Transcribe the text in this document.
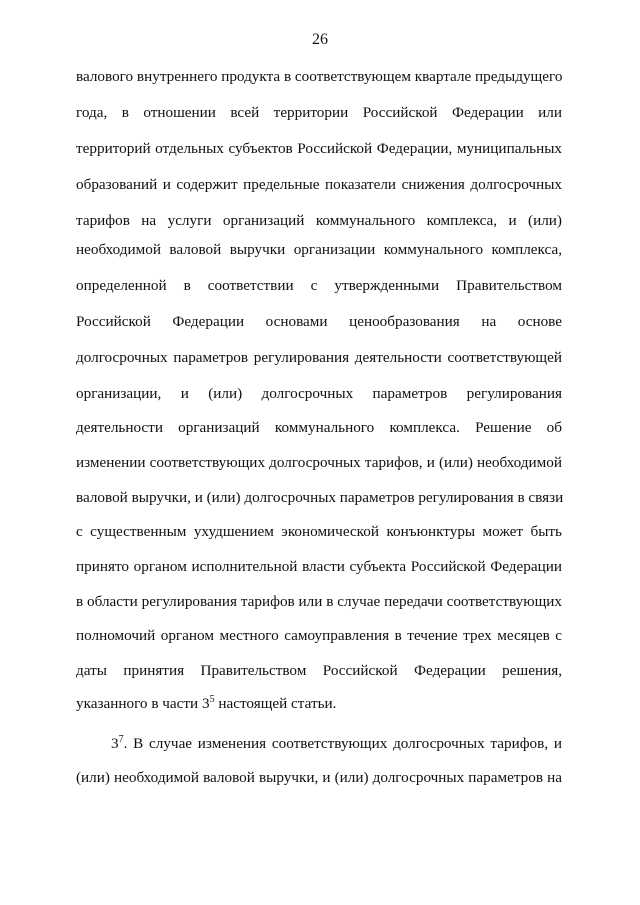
26
валового внутреннего продукта в соответствующем квартале предыдущего
года, в отношении всей территории Российской Федерации или
территорий отдельных субъектов Российской Федерации, муниципальных
образований и содержит предельные показатели снижения долгосрочных
тарифов на услуги организаций коммунального комплекса, и (или)
необходимой валовой выручки организации коммунального комплекса,
определенной в соответствии с утвержденными Правительством
Российской Федерации основами ценообразования на основе
долгосрочных параметров регулирования деятельности соответствующей
организации, и (или) долгосрочных параметров регулирования
деятельности организаций коммунального комплекса. Решение об
изменении соответствующих долгосрочных тарифов, и (или) необходимой
валовой выручки, и (или) долгосрочных параметров регулирования в связи
с существенным ухудшением экономической конъюнктуры может быть
принято органом исполнительной власти субъекта Российской Федерации
в области регулирования тарифов или в случае передачи соответствующих
полномочий органом местного самоуправления в течение трех месяцев с
даты принятия Правительством Российской Федерации решения,
указанного в части $3^5$ настоящей статьи.
$3^7$. В случае изменения соответствующих долгосрочных тарифов, и
(или) необходимой валовой выручки, и (или) долгосрочных параметров на
